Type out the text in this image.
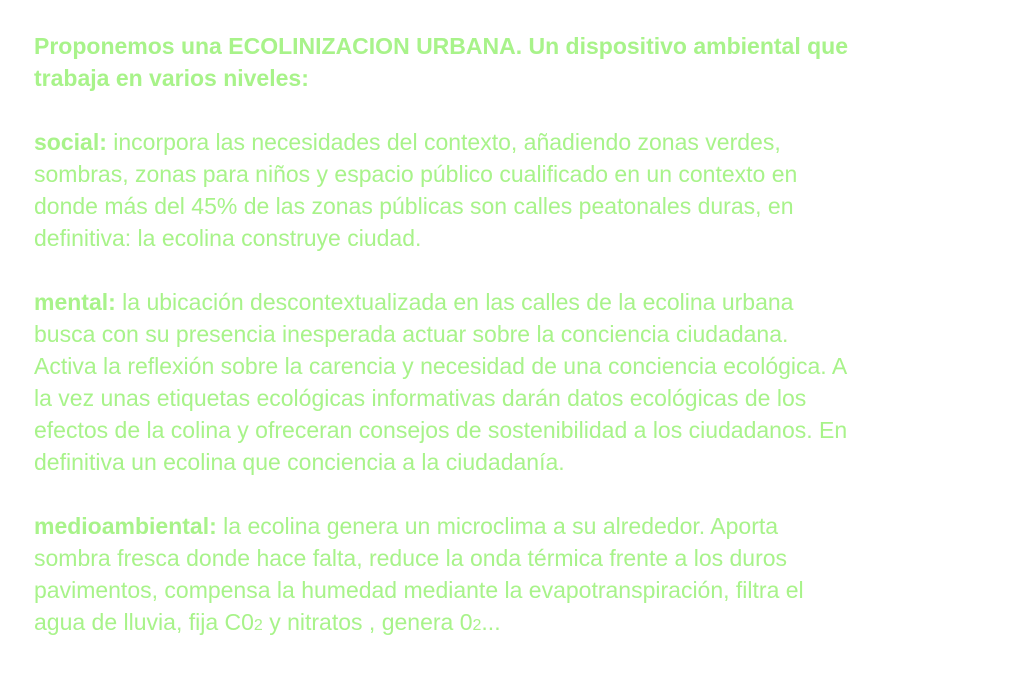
Proponemos una ECOLINIZACION URBANA. Un dispositivo ambiental que
trabaja en varios niveles:

social: incorpora las necesidades del contexto, añadiendo zonas verdes,
sombras, zonas para niños y espacio público cualificado en un contexto en
donde más del 45% de las zonas públicas son calles peatonales duras, en
definitiva: la ecolina construye ciudad.

mental: la ubicación descontextualizada en las calles de la ecolina urbana
busca con su presencia inesperada actuar sobre la conciencia ciudadana.
Activa la reflexión sobre la carencia y necesidad de una conciencia ecológica. A
la vez unas etiquetas ecológicas informativas darán datos ecológicas de los
efectos de la colina y ofreceran consejos de sostenibilidad a los ciudadanos. En
definitiva un ecolina que conciencia a la ciudadanía.

medioambiental: la ecolina genera un microclima a su alrededor. Aporta
sombra fresca donde hace falta, reduce la onda térmica frente a los duros
pavimentos, compensa la humedad mediante la evapotranspiración, filtra el
agua de lluvia, fija C02 y nitratos , genera 02...
